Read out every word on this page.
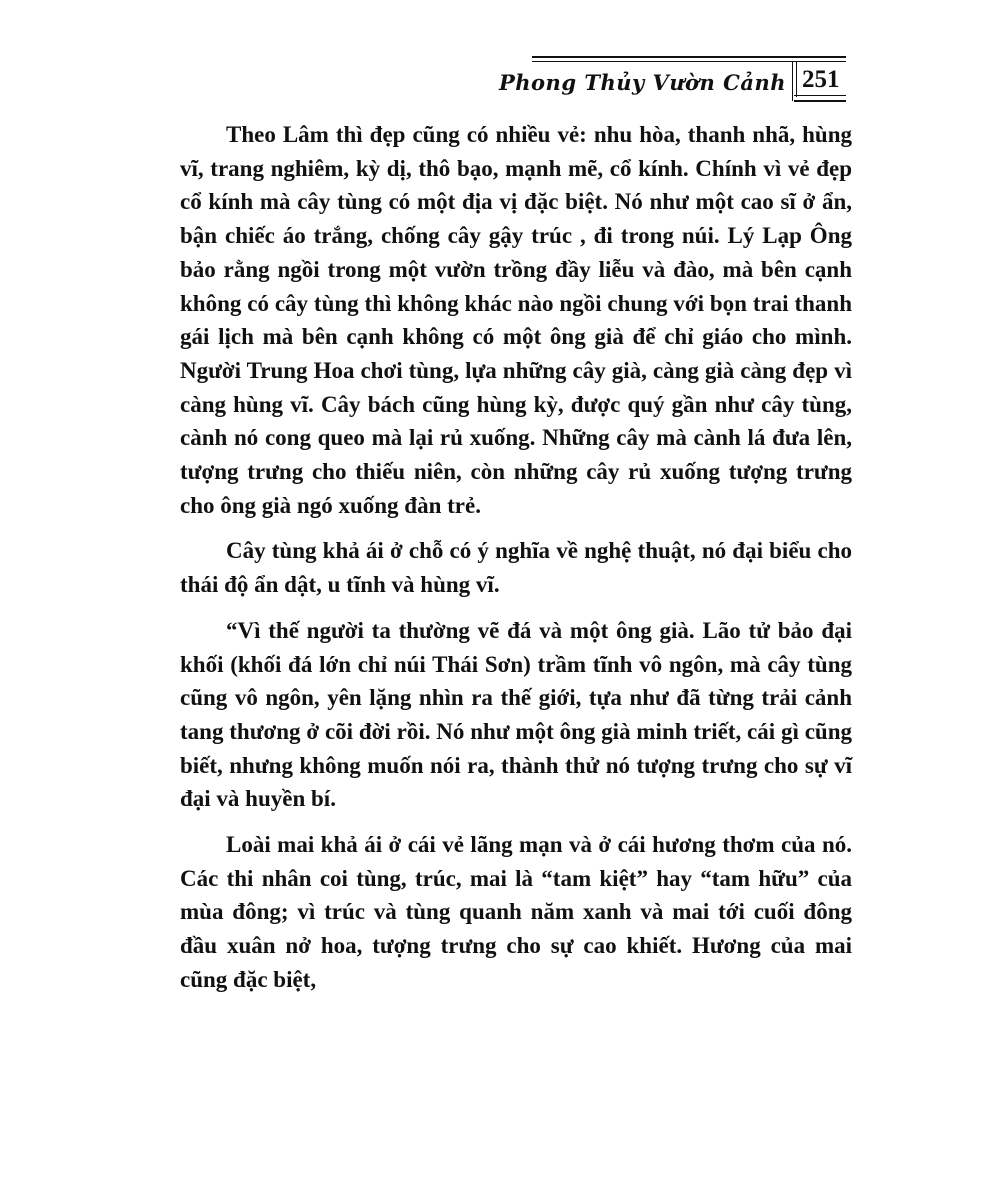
Phong Thủy Vườn Cảnh 251

Theo Lâm thì đẹp cũng có nhiều vẻ: nhu hòa, thanh nhã, hùng vĩ, trang nghiêm, kỳ dị, thô bạo, mạnh mẽ, cổ kính. Chính vì vẻ đẹp cổ kính mà cây tùng có một địa vị đặc biệt. Nó như một cao sĩ ở ẩn, bận chiếc áo trắng, chống cây gậy trúc , đi trong núi. Lý Lạp Ông bảo rằng ngồi trong một vườn trồng đầy liễu và đào, mà bên cạnh không có cây tùng thì không khác nào ngồi chung với bọn trai thanh gái lịch mà bên cạnh không có một ông già để chỉ giáo cho mình. Người Trung Hoa chơi tùng, lựa những cây già, càng già càng đẹp vì càng hùng vĩ. Cây bách cũng hùng kỳ, được quý gần như cây tùng, cành nó cong queo mà lại rủ xuống. Những cây mà cành lá đưa lên, tượng trưng cho thiếu niên, còn những cây rủ xuống tượng trưng cho ông già ngó xuống đàn trẻ.

Cây tùng khả ái ở chỗ có ý nghĩa về nghệ thuật, nó đại biểu cho thái độ ẩn dật, u tĩnh và hùng vĩ.

“Vì thế người ta thường vẽ đá và một ông già. Lão tử bảo đại khối (khối đá lớn chỉ núi Thái Sơn) trầm tĩnh vô ngôn, mà cây tùng cũng vô ngôn, yên lặng nhìn ra thế giới, tựa như đã từng trải cảnh tang thương ở cõi đời rồi. Nó như một ông già minh triết, cái gì cũng biết, nhưng không muốn nói ra, thành thử nó tượng trưng cho sự vĩ đại và huyền bí.

Loài mai khả ái ở cái vẻ lãng mạn và ở cái hương thơm của nó. Các thi nhân coi tùng, trúc, mai là “tam kiệt” hay “tam hữu” của mùa đông; vì trúc và tùng quanh năm xanh và mai tới cuối đông đầu xuân nở hoa, tượng trưng cho sự cao khiết. Hương của mai cũng đặc biệt,
